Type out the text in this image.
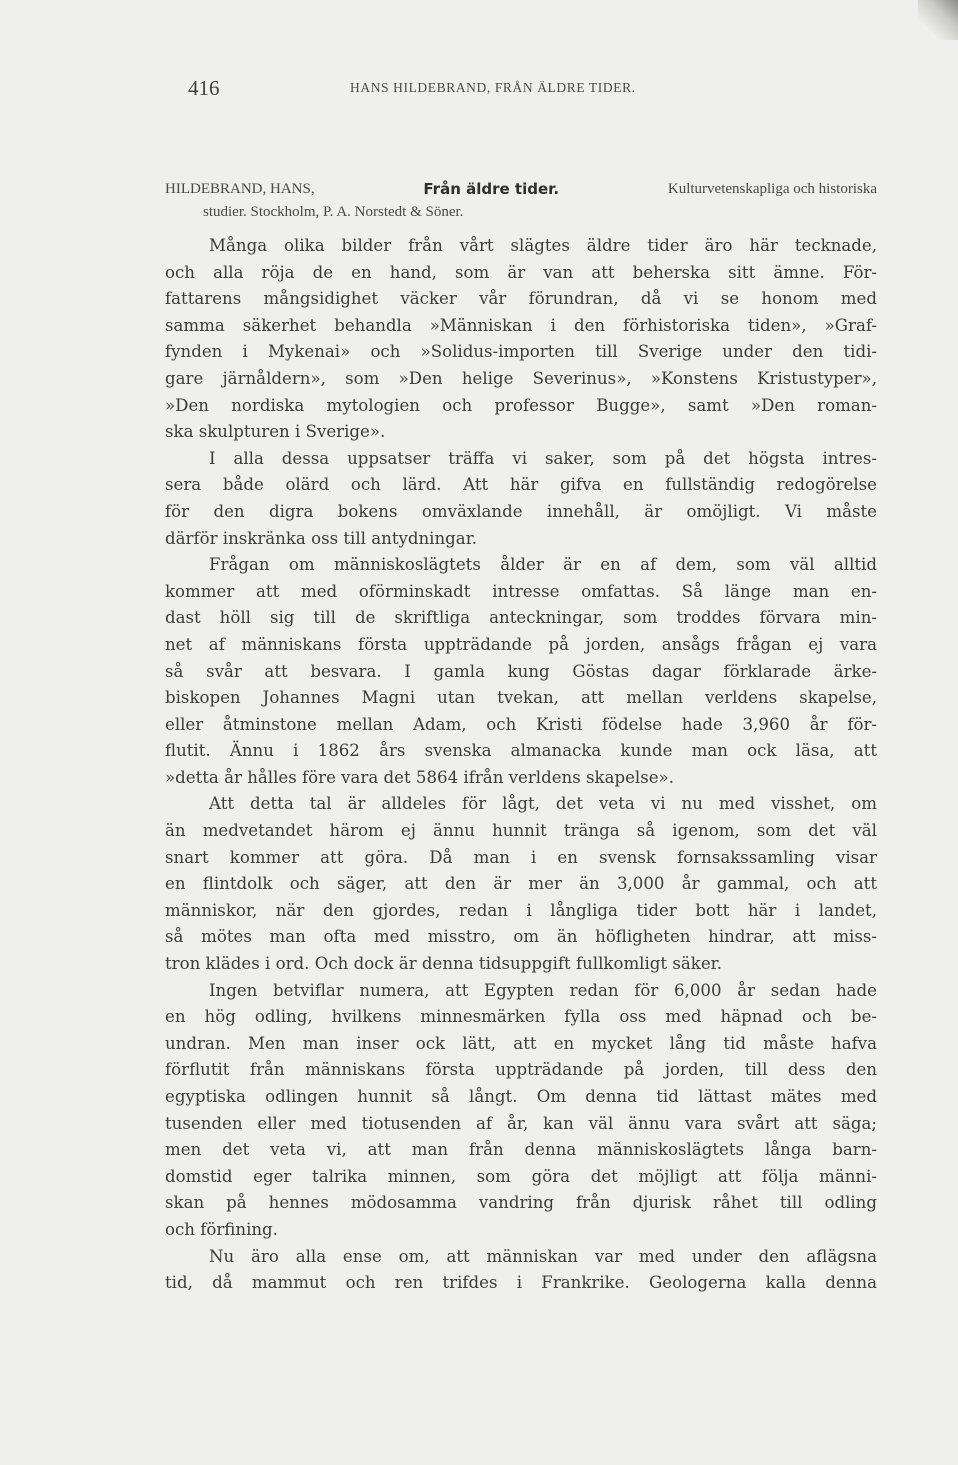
416	HANS HILDEBRAND, FRÅN ÄLDRE TIDER.
HILDEBRAND, HANS,	Från äldre tider.	Kulturvetenskapliga och historiska
studier. Stockholm, P. A. Norstedt & Söner.
Många olika bilder från vårt slägtes äldre tider äro här tecknade,
och alla röja de en hand, som är van att beherska sitt ämne. För-
fattarens mångsidighet väcker vår förundran, då vi se honom med
samma säkerhet behandla »Människan i den förhistoriska tiden», »Graf-
fynden i Mykenai» och »Solidus-importen till Sverige under den tidi-
gare järnåldern», som »Den helige Severinus», »Konstens Kristustyper»,
»Den nordiska mytologien och professor Bugge», samt »Den roman-
ska skulpturen i Sverige».
I alla dessa uppsatser träffa vi saker, som på det högsta intres-
sera både olärd och lärd. Att här gifva en fullständig redogörelse
för den digra bokens omväxlande innehåll, är omöjligt. Vi måste
därför inskränka oss till antydningar.
Frågan om människoslägtets ålder är en af dem, som väl alltid
kommer att med oförminskadt intresse omfattas. Så länge man en-
dast höll sig till de skriftliga anteckningar, som troddes förvara min-
net af människans första uppträdande på jorden, ansågs frågan ej vara
så svår att besvara. I gamla kung Göstas dagar förklarade ärke-
biskopen Johannes Magni utan tvekan, att mellan verldens skapelse,
eller åtminstone mellan Adam, och Kristi födelse hade 3,960 år för-
flutit. Ännu i 1862 års svenska almanacka kunde man ock läsa, att
»detta år hålles före vara det 5864 ifrån verldens skapelse».
Att detta tal är alldeles för lågt, det veta vi nu med visshet, om
än medvetandet härom ej ännu hunnit tränga så igenom, som det väl
snart kommer att göra. Då man i en svensk fornsakssamling visar
en flintdolk och säger, att den är mer än 3,000 år gammal, och att
människor, när den gjordes, redan i långliga tider bott här i landet,
så mötes man ofta med misstro, om än höfligheten hindrar, att miss-
tron klädes i ord. Och dock är denna tidsuppgift fullkomligt säker.
Ingen betviflar numera, att Egypten redan för 6,000 år sedan hade
en hög odling, hvilkens minnesmärken fylla oss med häpnad och be-
undran. Men man inser ock lätt, att en mycket lång tid måste hafva
förflutit från människans första uppträdande på jorden, till dess den
egyptiska odlingen hunnit så långt. Om denna tid lättast mätes med
tusenden eller med tiotusenden af år, kan väl ännu vara svårt att säga;
men det veta vi, att man från denna människoslägtets långa barn-
domstid eger talrika minnen, som göra det möjligt att följa männi-
skan på hennes mödosamma vandring från djurisk råhet till odling
och förfining.
Nu äro alla ense om, att människan var med under den aflägsna
tid, då mammut och ren trifdes i Frankrike. Geologerna kalla denna
